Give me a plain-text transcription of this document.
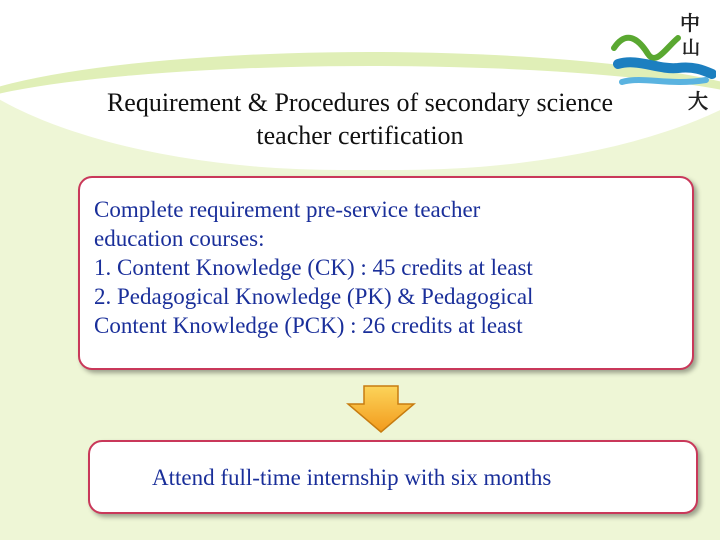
中
山
大
Requirement & Procedures of secondary science
teacher certification
Complete requirement pre-service teacher
education courses:
1. Content Knowledge (CK) : 45 credits at least
2. Pedagogical Knowledge (PK) & Pedagogical
Content Knowledge (PCK) : 26 credits at least
Attend full-time internship with six months
